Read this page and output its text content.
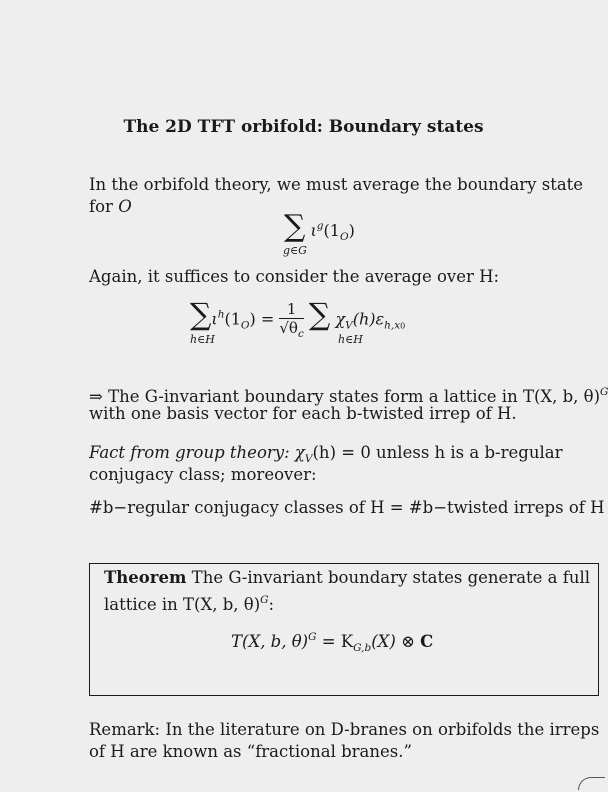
The 2D TFT orbifold: Boundary states
In the orbifold theory, we must average the boundary state
for O
∑ $\iota^g(1_O)$
g∈G
Again, it suffices to consider the average over H:
$\sum\iota^h(1_O) = \frac{1}{√\theta_c}$ ∑ $\chi_V(h)\varepsilon_{h,x0}$
h∈H	h∈H
⇒ The G-invariant boundary states form a lattice in T(X, b, θ)$^G$
with one basis vector for each b-twisted irrep of H.
Fact from group theory: $\chi_V(h) = 0$ unless h is a b-regular
conjugacy class; moreover:
#b−regular conjugacy classes of H = #b−twisted irreps of H
Theorem The G-invariant boundary states generate a full
lattice in T(X, b, θ)$^G$:
T(X, b, $\theta)^G = K_{G,b}(X)$ ⊗ C
Remark: In the literature on D-branes on orbifolds the irreps
of H are known as “fractional branes.”
